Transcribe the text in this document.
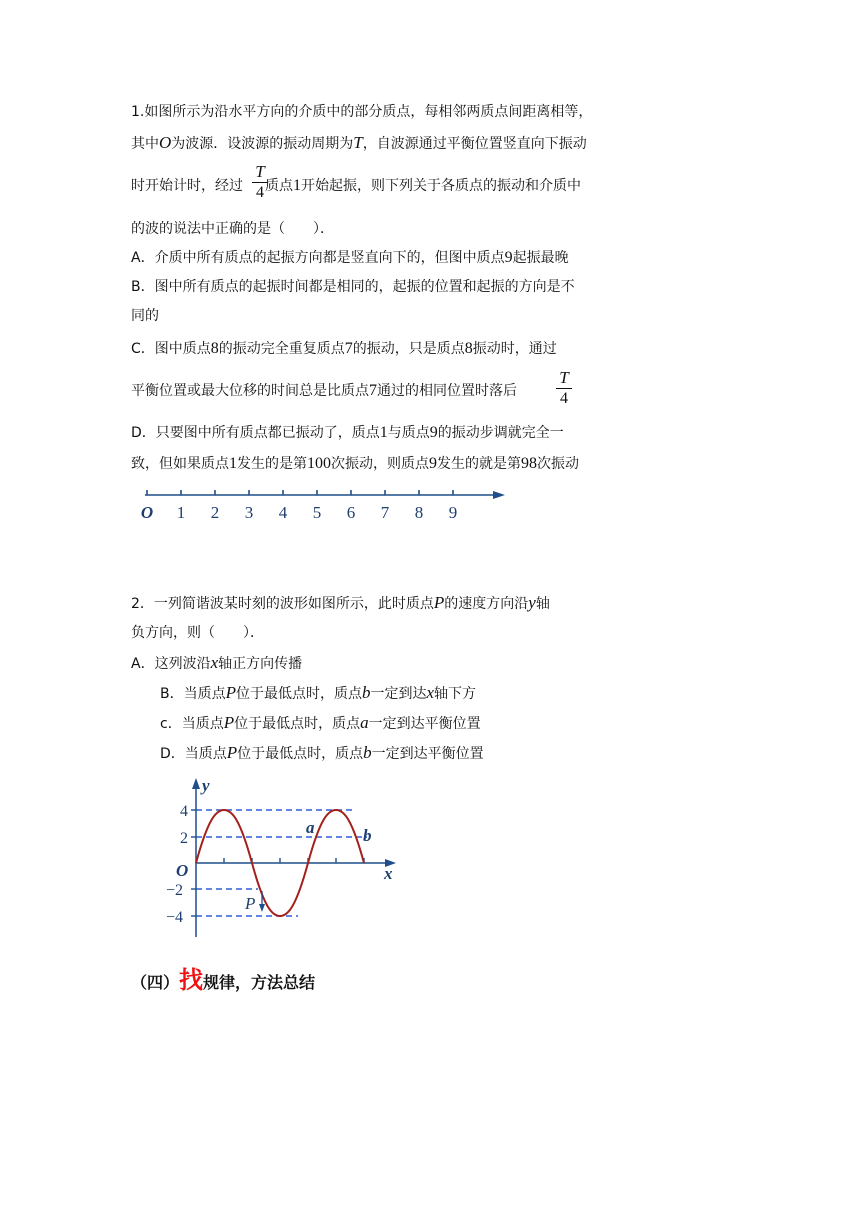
1.如图所示为沿水平方向的介质中的部分质点，每相邻两质点间距离相等，
其中O为波源．设波源的振动周期为T，自波源通过平衡位置竖直向下振动
时开始计时，经过 质点1开始起振，则下列关于各质点的振动和介质中
T
4
的波的说法中正确的是（　　）．
A．介质中所有质点的起振方向都是竖直向下的，但图中质点9起振最晚
B．图中所有质点的起振时间都是相同的，起振的位置和起振的方向是不
同的
C．图中质点8的振动完全重复质点7的振动，只是质点8振动时，通过
平衡位置或最大位移的时间总是比质点7通过的相同位置时落后
T
4
D．只要图中所有质点都已振动了，质点1与质点9的振动步调就完全一
致，但如果质点1发生的是第100次振动，则质点9发生的就是第98次振动
O 1 2 3 4 5 6 7 8 9
2．一列简谐波某时刻的波形如图所示，此时质点P的速度方向沿y轴
负方向，则（　　）．
A．这列波沿x轴正方向传播
B．当质点P位于最低点时，质点b一定到达x轴下方
c．当质点P位于最低点时，质点a一定到达平衡位置
D．当质点P位于最低点时，质点b一定到达平衡位置
y
x
O
4
2
−2
−4
a	b
P
（四）找规律，方法总结
